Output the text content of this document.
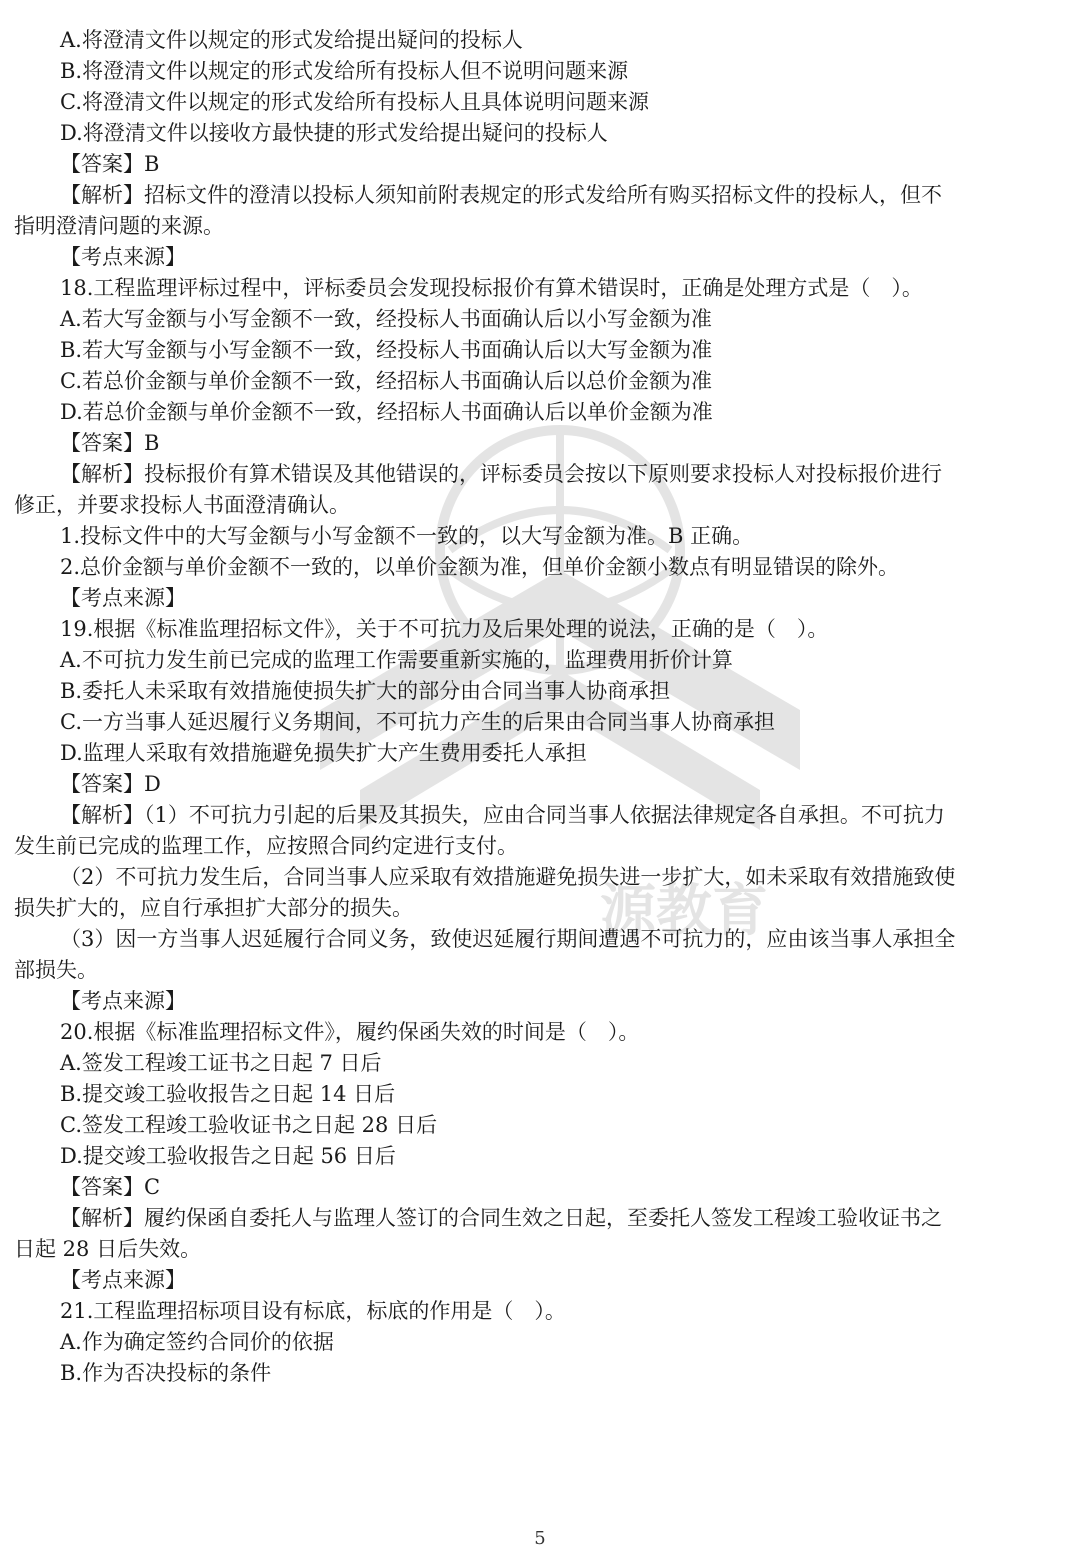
源教育
A.将澄清文件以规定的形式发给提出疑问的投标人
B.将澄清文件以规定的形式发给所有投标人但不说明问题来源
C.将澄清文件以规定的形式发给所有投标人且具体说明问题来源
D.将澄清文件以接收方最快捷的形式发给提出疑问的投标人
【答案】B
【解析】招标文件的澄清以投标人须知前附表规定的形式发给所有购买招标文件的投标人，但不
指明澄清问题的来源。
【考点来源】
18.工程监理评标过程中，评标委员会发现投标报价有算术错误时，正确是处理方式是（　）。
A.若大写金额与小写金额不一致，经投标人书面确认后以小写金额为准
B.若大写金额与小写金额不一致，经投标人书面确认后以大写金额为准
C.若总价金额与单价金额不一致，经招标人书面确认后以总价金额为准
D.若总价金额与单价金额不一致，经招标人书面确认后以单价金额为准
【答案】B
【解析】投标报价有算术错误及其他错误的，评标委员会按以下原则要求投标人对投标报价进行
修正，并要求投标人书面澄清确认。
1.投标文件中的大写金额与小写金额不一致的，以大写金额为准。B 正确。
2.总价金额与单价金额不一致的，以单价金额为准，但单价金额小数点有明显错误的除外。
【考点来源】
19.根据《标准监理招标文件》，关于不可抗力及后果处理的说法，正确的是（　）。
A.不可抗力发生前已完成的监理工作需要重新实施的，监理费用折价计算
B.委托人未采取有效措施使损失扩大的部分由合同当事人协商承担
C.一方当事人延迟履行义务期间，不可抗力产生的后果由合同当事人协商承担
D.监理人采取有效措施避免损失扩大产生费用委托人承担
【答案】D
【解析】（1）不可抗力引起的后果及其损失，应由合同当事人依据法律规定各自承担。不可抗力
发生前已完成的监理工作，应按照合同约定进行支付。
（2）不可抗力发生后，合同当事人应采取有效措施避免损失进一步扩大，如未采取有效措施致使
损失扩大的，应自行承担扩大部分的损失。
（3）因一方当事人迟延履行合同义务，致使迟延履行期间遭遇不可抗力的，应由该当事人承担全
部损失。
【考点来源】
20.根据《标准监理招标文件》，履约保函失效的时间是（　）。
A.签发工程竣工证书之日起 7 日后
B.提交竣工验收报告之日起 14 日后
C.签发工程竣工验收证书之日起 28 日后
D.提交竣工验收报告之日起 56 日后
【答案】C
【解析】履约保函自委托人与监理人签订的合同生效之日起，至委托人签发工程竣工验收证书之
日起 28 日后失效。
【考点来源】
21.工程监理招标项目设有标底，标底的作用是（　）。
A.作为确定签约合同价的依据
B.作为否决投标的条件
5
